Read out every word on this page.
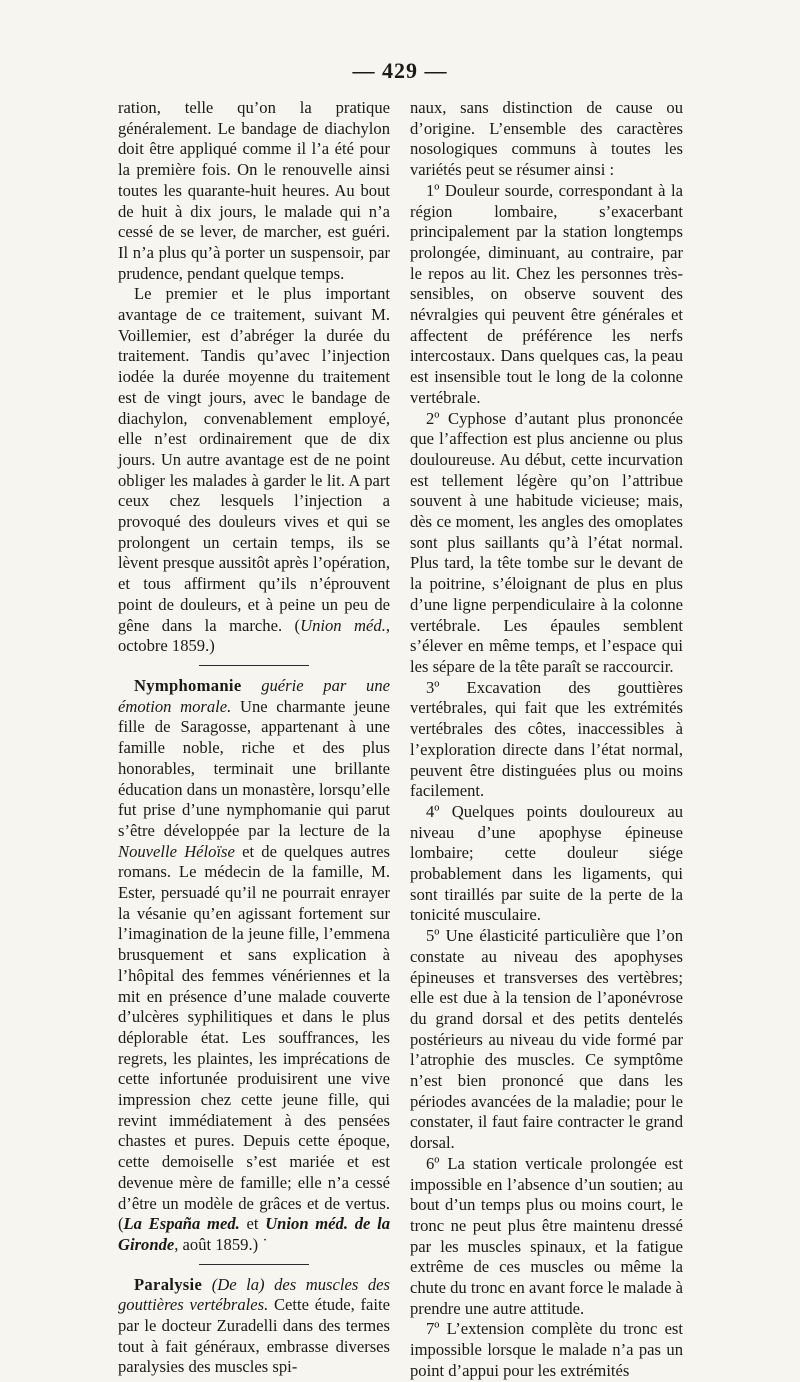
— 429 —

ration, telle qu’on la pratique généralement. Le bandage de diachylon doit être appliqué comme il l’a été pour la première fois. On le renouvelle ainsi toutes les quarante-huit heures. Au bout de huit à dix jours, le malade qui n’a cessé de se lever, de marcher, est guéri. Il n’a plus qu’à porter un suspensoir, par prudence, pendant quelque temps.

Le premier et le plus important avantage de ce traitement, suivant M. Voillemier, est d’abréger la durée du traitement. Tandis qu’avec l’injection iodée la durée moyenne du traitement est de vingt jours, avec le bandage de diachylon, convenablement employé, elle n’est ordinairement que de dix jours. Un autre avantage est de ne point obliger les malades à garder le lit. A part ceux chez lesquels l’injection a provoqué des douleurs vives et qui se prolongent un certain temps, ils se lèvent presque aussitôt après l’opération, et tous affirment qu’ils n’éprouvent point de douleurs, et à peine un peu de gêne dans la marche. (Union méd., octobre 1859.)

Nymphomanie guérie par une émotion morale. Une charmante jeune fille de Saragosse, appartenant à une famille noble, riche et des plus honorables, terminait une brillante éducation dans un monastère, lorsqu’elle fut prise d’une nymphomanie qui parut s’être développée par la lecture de la Nouvelle Héloïse et de quelques autres romans. Le médecin de la famille, M. Ester, persuadé qu’il ne pourrait enrayer la vésanie qu’en agissant fortement sur l’imagination de la jeune fille, l’emmena brusquement et sans explication à l’hôpital des femmes vénériennes et la mit en présence d’une malade couverte d’ulcères syphilitiques et dans le plus déplorable état. Les souffrances, les regrets, les plaintes, les imprécations de cette infortunée produisirent une vive impression chez cette jeune fille, qui revint immédiatement à des pensées chastes et pures. Depuis cette époque, cette demoiselle s’est mariée et est devenue mère de famille; elle n’a cessé d’être un modèle de grâces et de vertus. (La España med. et Union méd. de la Gironde, août 1859.) ˙

Paralysie (De la) des muscles des gouttières vertébrales. Cette étude, faite par le docteur Zuradelli dans des termes tout à fait généraux, embrasse diverses paralysies des muscles spi-

naux, sans distinction de cause ou d’origine. L’ensemble des caractères nosologiques communs à toutes les variétés peut se résumer ainsi :

1º Douleur sourde, correspondant à la région lombaire, s’exacerbant principalement par la station longtemps prolongée, diminuant, au contraire, par le repos au lit. Chez les personnes très-sensibles, on observe souvent des névralgies qui peuvent être générales et affectent de préférence les nerfs intercostaux. Dans quelques cas, la peau est insensible tout le long de la colonne vertébrale.

2º Cyphose d’autant plus prononcée que l’affection est plus ancienne ou plus douloureuse. Au début, cette incurvation est tellement légère qu’on l’attribue souvent à une habitude vicieuse; mais, dès ce moment, les angles des omoplates sont plus saillants qu’à l’état normal. Plus tard, la tête tombe sur le devant de la poitrine, s’éloignant de plus en plus d’une ligne perpendiculaire à la colonne vertébrale. Les épaules semblent s’élever en même temps, et l’espace qui les sépare de la tête paraît se raccourcir.

3º Excavation des gouttières vertébrales, qui fait que les extrémités vertébrales des côtes, inaccessibles à l’exploration directe dans l’état normal, peuvent être distinguées plus ou moins facilement.

4º Quelques points douloureux au niveau d’une apophyse épineuse lombaire; cette douleur siége probablement dans les ligaments, qui sont tiraillés par suite de la perte de la tonicité musculaire.

5º Une élasticité particulière que l’on constate au niveau des apophyses épineuses et transverses des vertèbres; elle est due à la tension de l’aponévrose du grand dorsal et des petits dentelés postérieurs au niveau du vide formé par l’atrophie des muscles. Ce symptôme n’est bien prononcé que dans les périodes avancées de la maladie; pour le constater, il faut faire contracter le grand dorsal.

6º La station verticale prolongée est impossible en l’absence d’un soutien; au bout d’un temps plus ou moins court, le tronc ne peut plus être maintenu dressé par les muscles spinaux, et la fatigue extrême de ces muscles ou même la chute du tronc en avant force le malade à prendre une autre attitude.

7º L’extension complète du tronc est impossible lorsque le malade n’a pas un point d’appui pour les extrémités
